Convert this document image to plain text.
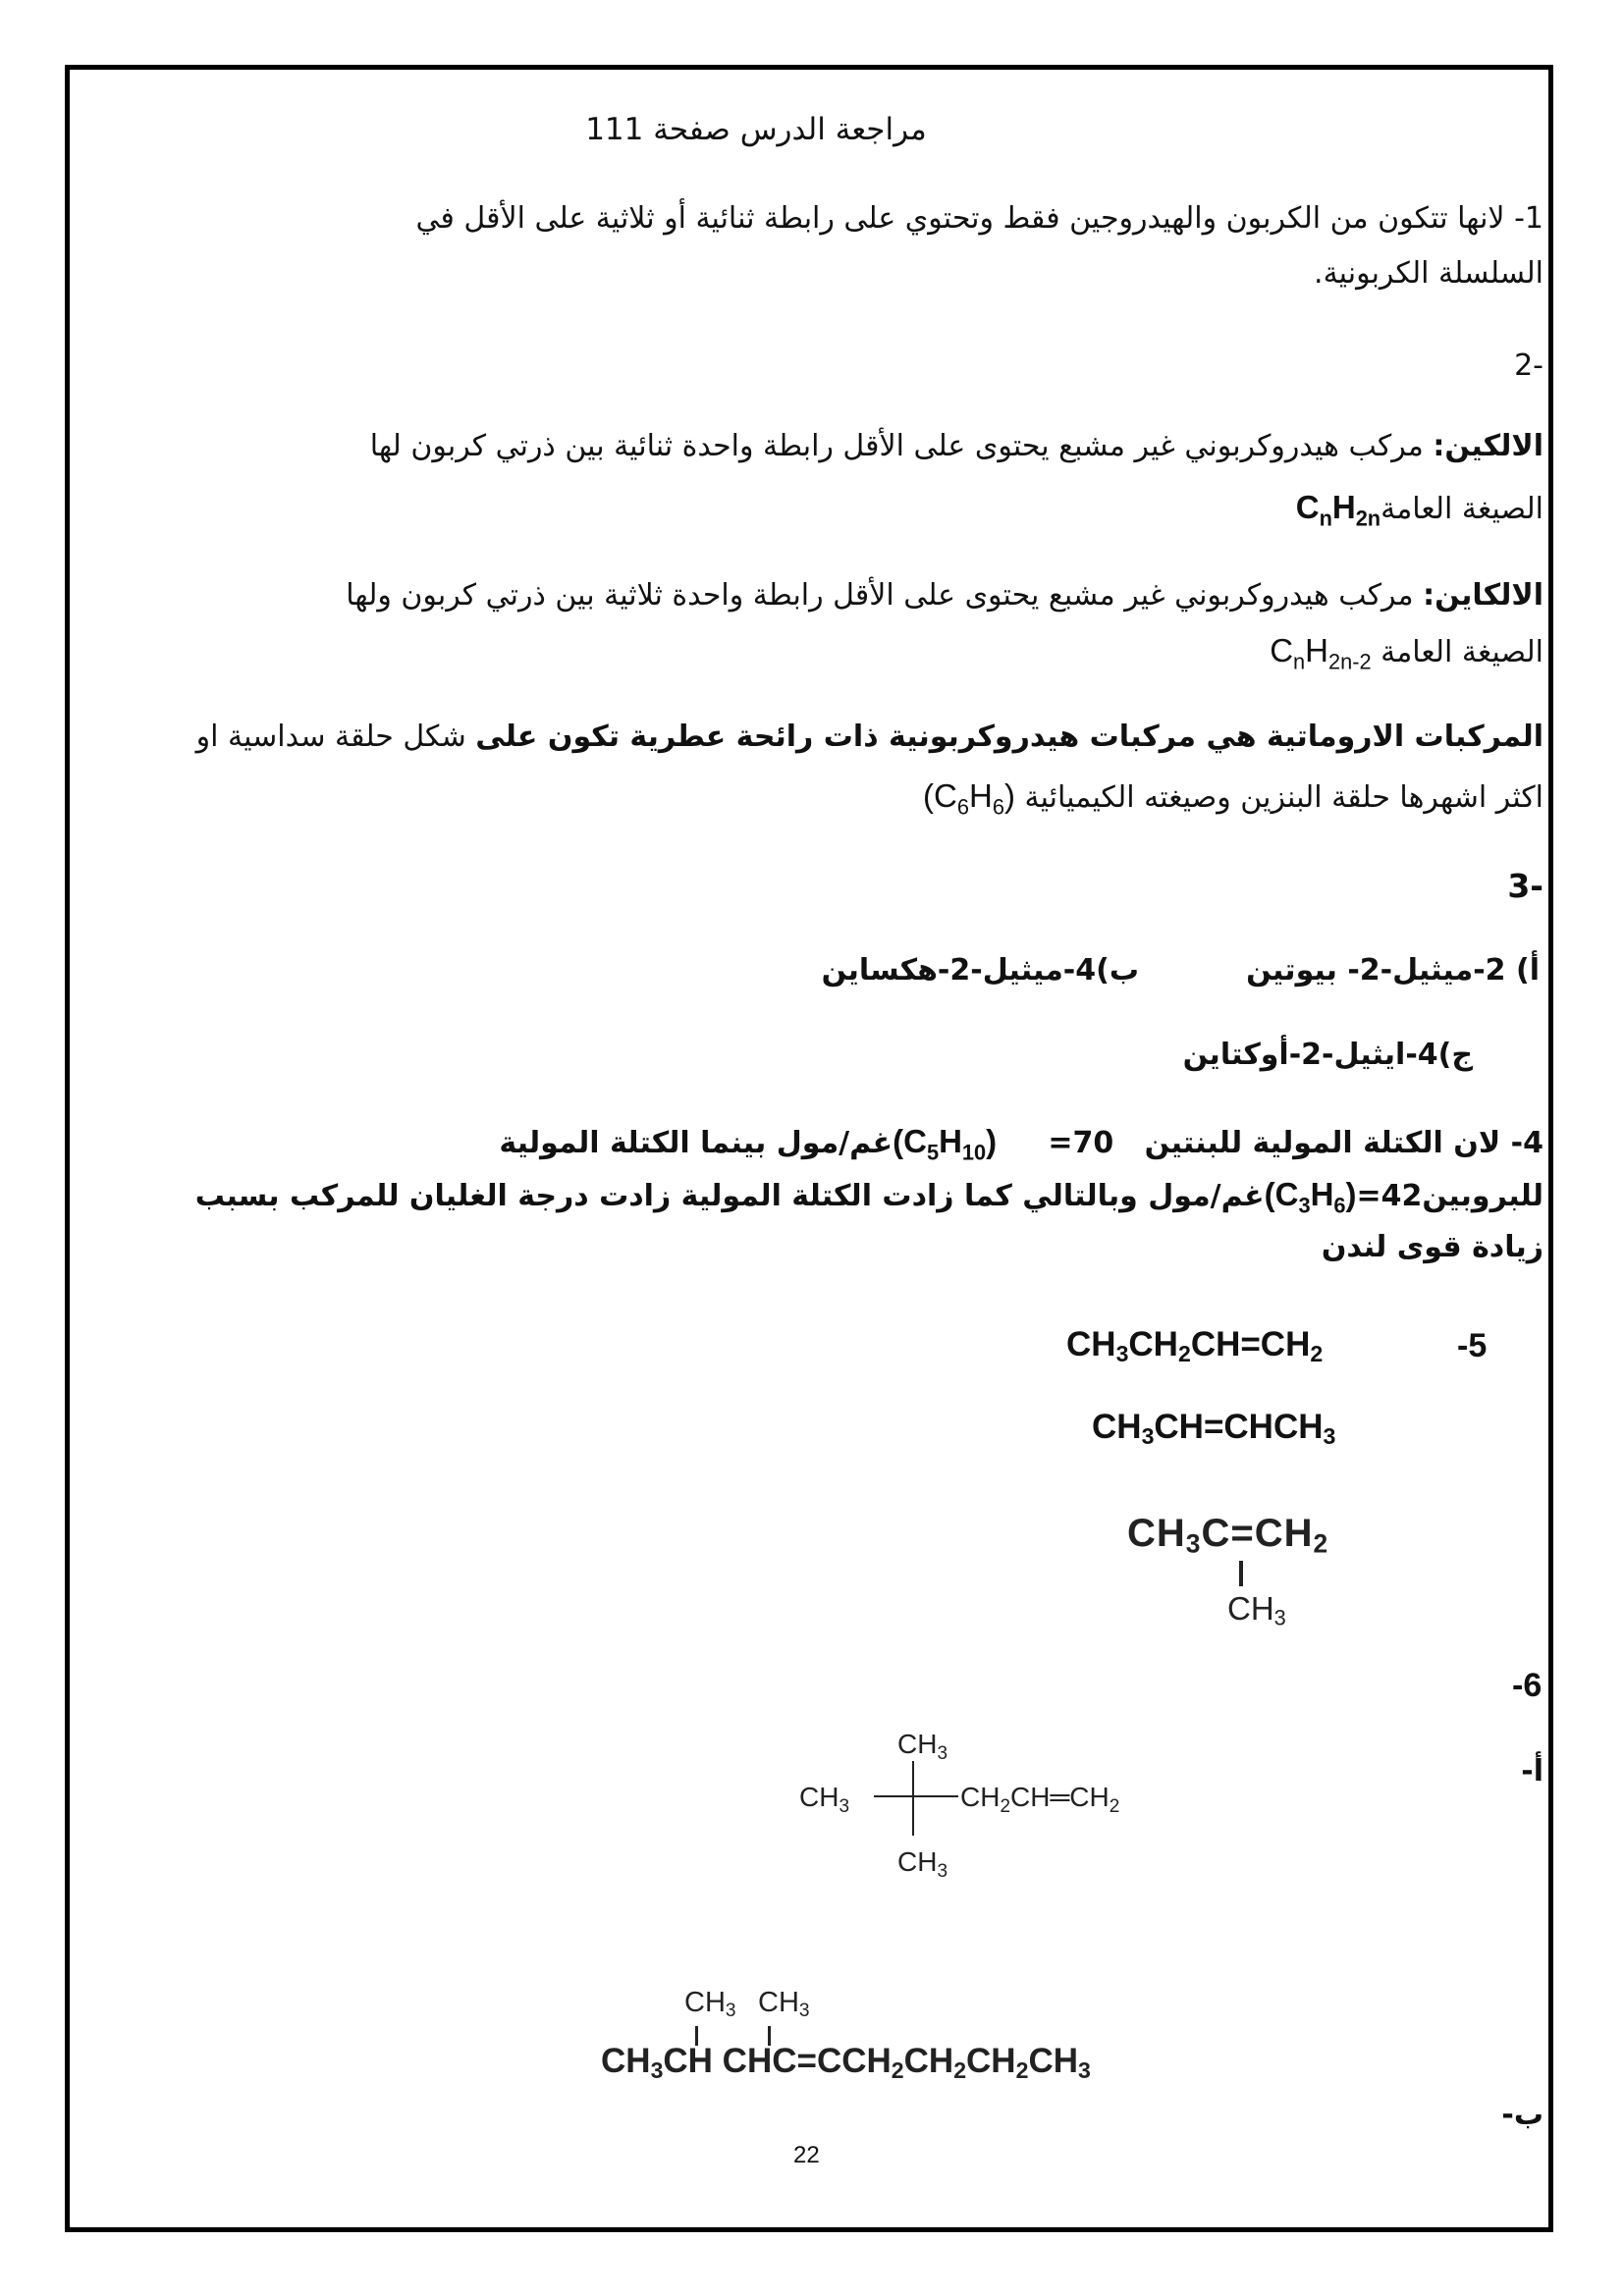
مراجعة الدرس صفحة 111
1- لانها تتكون من الكربون والهيدروجين فقط وتحتوي على رابطة ثنائية أو ثلاثية على الأقل في
السلسلة الكربونية.
-2
الالكين: مركب هيدروكربوني غير مشبع يحتوى على الأقل رابطة واحدة ثنائية بين ذرتي كربون لها
الصيغة $العامةC_nH_{2n}$
الالكاين: مركب هيدروكربوني غير مشبع يحتوى على الأقل رابطة واحدة ثلاثية بين ذرتي كربون ولها
الصيغة العامة $C_nH_{2n-2}$
المركبات الاروماتية هي مركبات هيدروكربونية ذات رائحة عطرية تكون على شكل حلقة سداسية او
اكثر اشهرها حلقة البنزين وصيغته الكيميائية $(C_6H_6)$
-3
أ) 2-ميثيل-2- بيوتين
ب)4-ميثيل-2-هكساين
ج)4-ايثيل-2-أوكتاين
4- لان الكتلة المولية للبنتين   $(C_5H_{10})$     =70غم/مول بينما الكتلة المولية
$للبروبين(C_3H_6)=42غم$/مول وبالتالي كما زادت الكتلة المولية زادت درجة الغليان للمركب بسبب
زيادة قوى لندن
-5
$CH_3CH_2CH=CH_2$
$CH_3CH=CHCH_3$
$CH_3C=CH_2$
$CH_3$
-6
أ-
$CH_3$
$CH_3$	$CH_2CH═CH_2$
$CH_3$
$CH_3$ $CH_3$
$CH_3CH$ $CHC=CCH_2CH_2CH_2CH_3$
ب-
22
